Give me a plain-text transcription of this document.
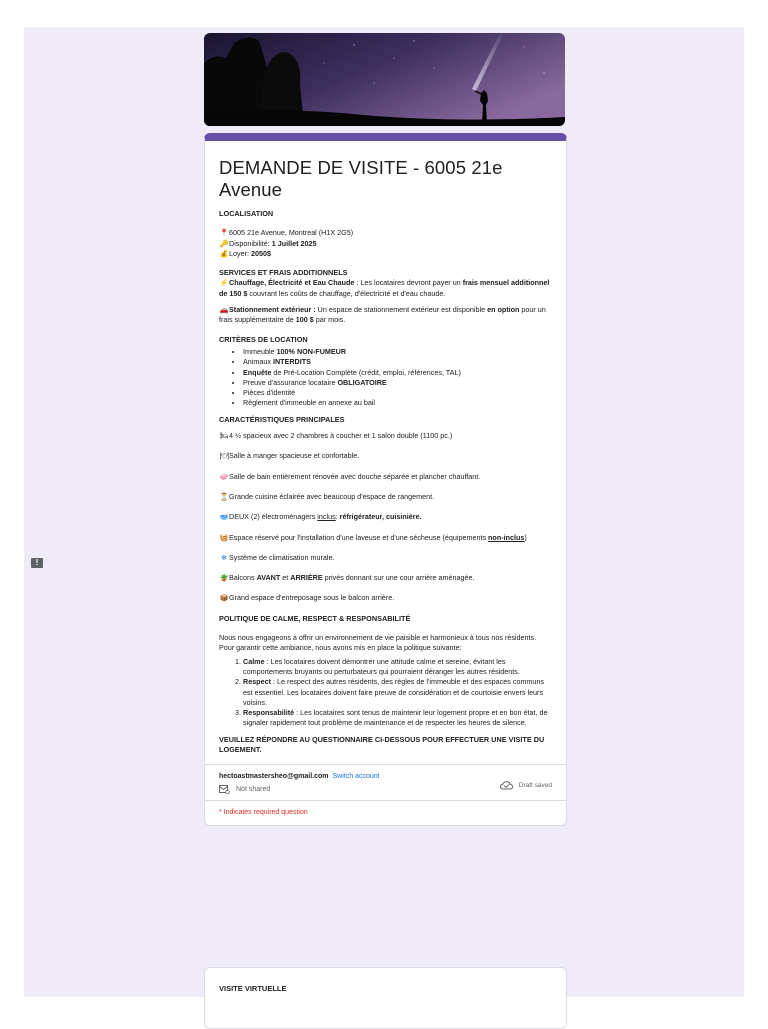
!
DEMANDE DE VISITE - 6005 21e Avenue

LOCALISATION

📍6005 21e Avenue, Montreal (H1X 2G5)

🔑Disponibilité: 1 Juillet 2025

💰Loyer: 2050$

SERVICES ET FRAIS ADDITIONNELS

⚡Chauffage, Électricité et Eau Chaude : Les locataires devront payer un frais mensuel additionnel de 150 $ couvrant les coûts de chauffage, d'électricité et d'eau chaude.

🚗Stationnement extérieur : Un espace de stationnement extérieur est disponible en option pour un frais supplémentaire de 100 $ par mois.

CRITÈRES DE LOCATION

• Immeuble 100% NON-FUMEUR
• Animaux INTERDITS
• Enquête de Pré-Location Complète (crédit, emploi, références, TAL)
• Preuve d'assurance locataire OBLIGATOIRE
• Pièces d'identité
• Règlement d'immeuble en annexe au bail

CARACTÉRISTIQUES PRINCIPALES

🛏4 ½ spacieux avec 2 chambres à coucher et 1 salon double (1100 pc.)

🍽Salle à manger spacieuse et confortable.

🧼Salle de bain entièrement rénovée avec douche séparée et plancher chauffant.

⏳Grande cuisine éclairée avec beaucoup d'espace de rangement.

🥣DEUX (2) électroménagers inclus: réfrigérateur, cuisinière.

🧺Espace réservé pour l'installation d'une laveuse et d'une sécheuse (équipements non-inclus)

❄ Système de climatisation murale.

🪴Balcons AVANT et ARRIÈRE privés donnant sur une cour arrière aménagée.

📦Grand espace d'entreposage sous le balcon arrière.

POLITIQUE DE CALME, RESPECT & RESPONSABILITÉ

Nous nous engageons à offrir un environnement de vie paisible et harmonieux à tous nos résidents. Pour garantir cette ambiance, nous avons mis en place la politique suivante:

1. Calme : Les locataires doivent démontrer une attitude calme et sereine, évitant les comportements bruyants ou perturbateurs qui pourraient déranger les autres résidents.
2. Respect : Le respect des autres résidents, des règles de l'immeuble et des espaces communs est essentiel. Les locataires doivent faire preuve de considération et de courtoisie envers leurs voisins.
3. Responsabilité : Les locataires sont tenus de maintenir leur logement propre et en bon état, de signaler rapidement tout problème de maintenance et de respecter les heures de silence.

VEUILLEZ RÉPONDRE AU QUESTIONNAIRE CI-DESSOUS POUR EFFECTUER UNE VISITE DU LOGEMENT.

hectoastmastersheo@gmail.com Switch account
Not shared
Draft saved
* Indicates required question
VISITE VIRTUELLE
